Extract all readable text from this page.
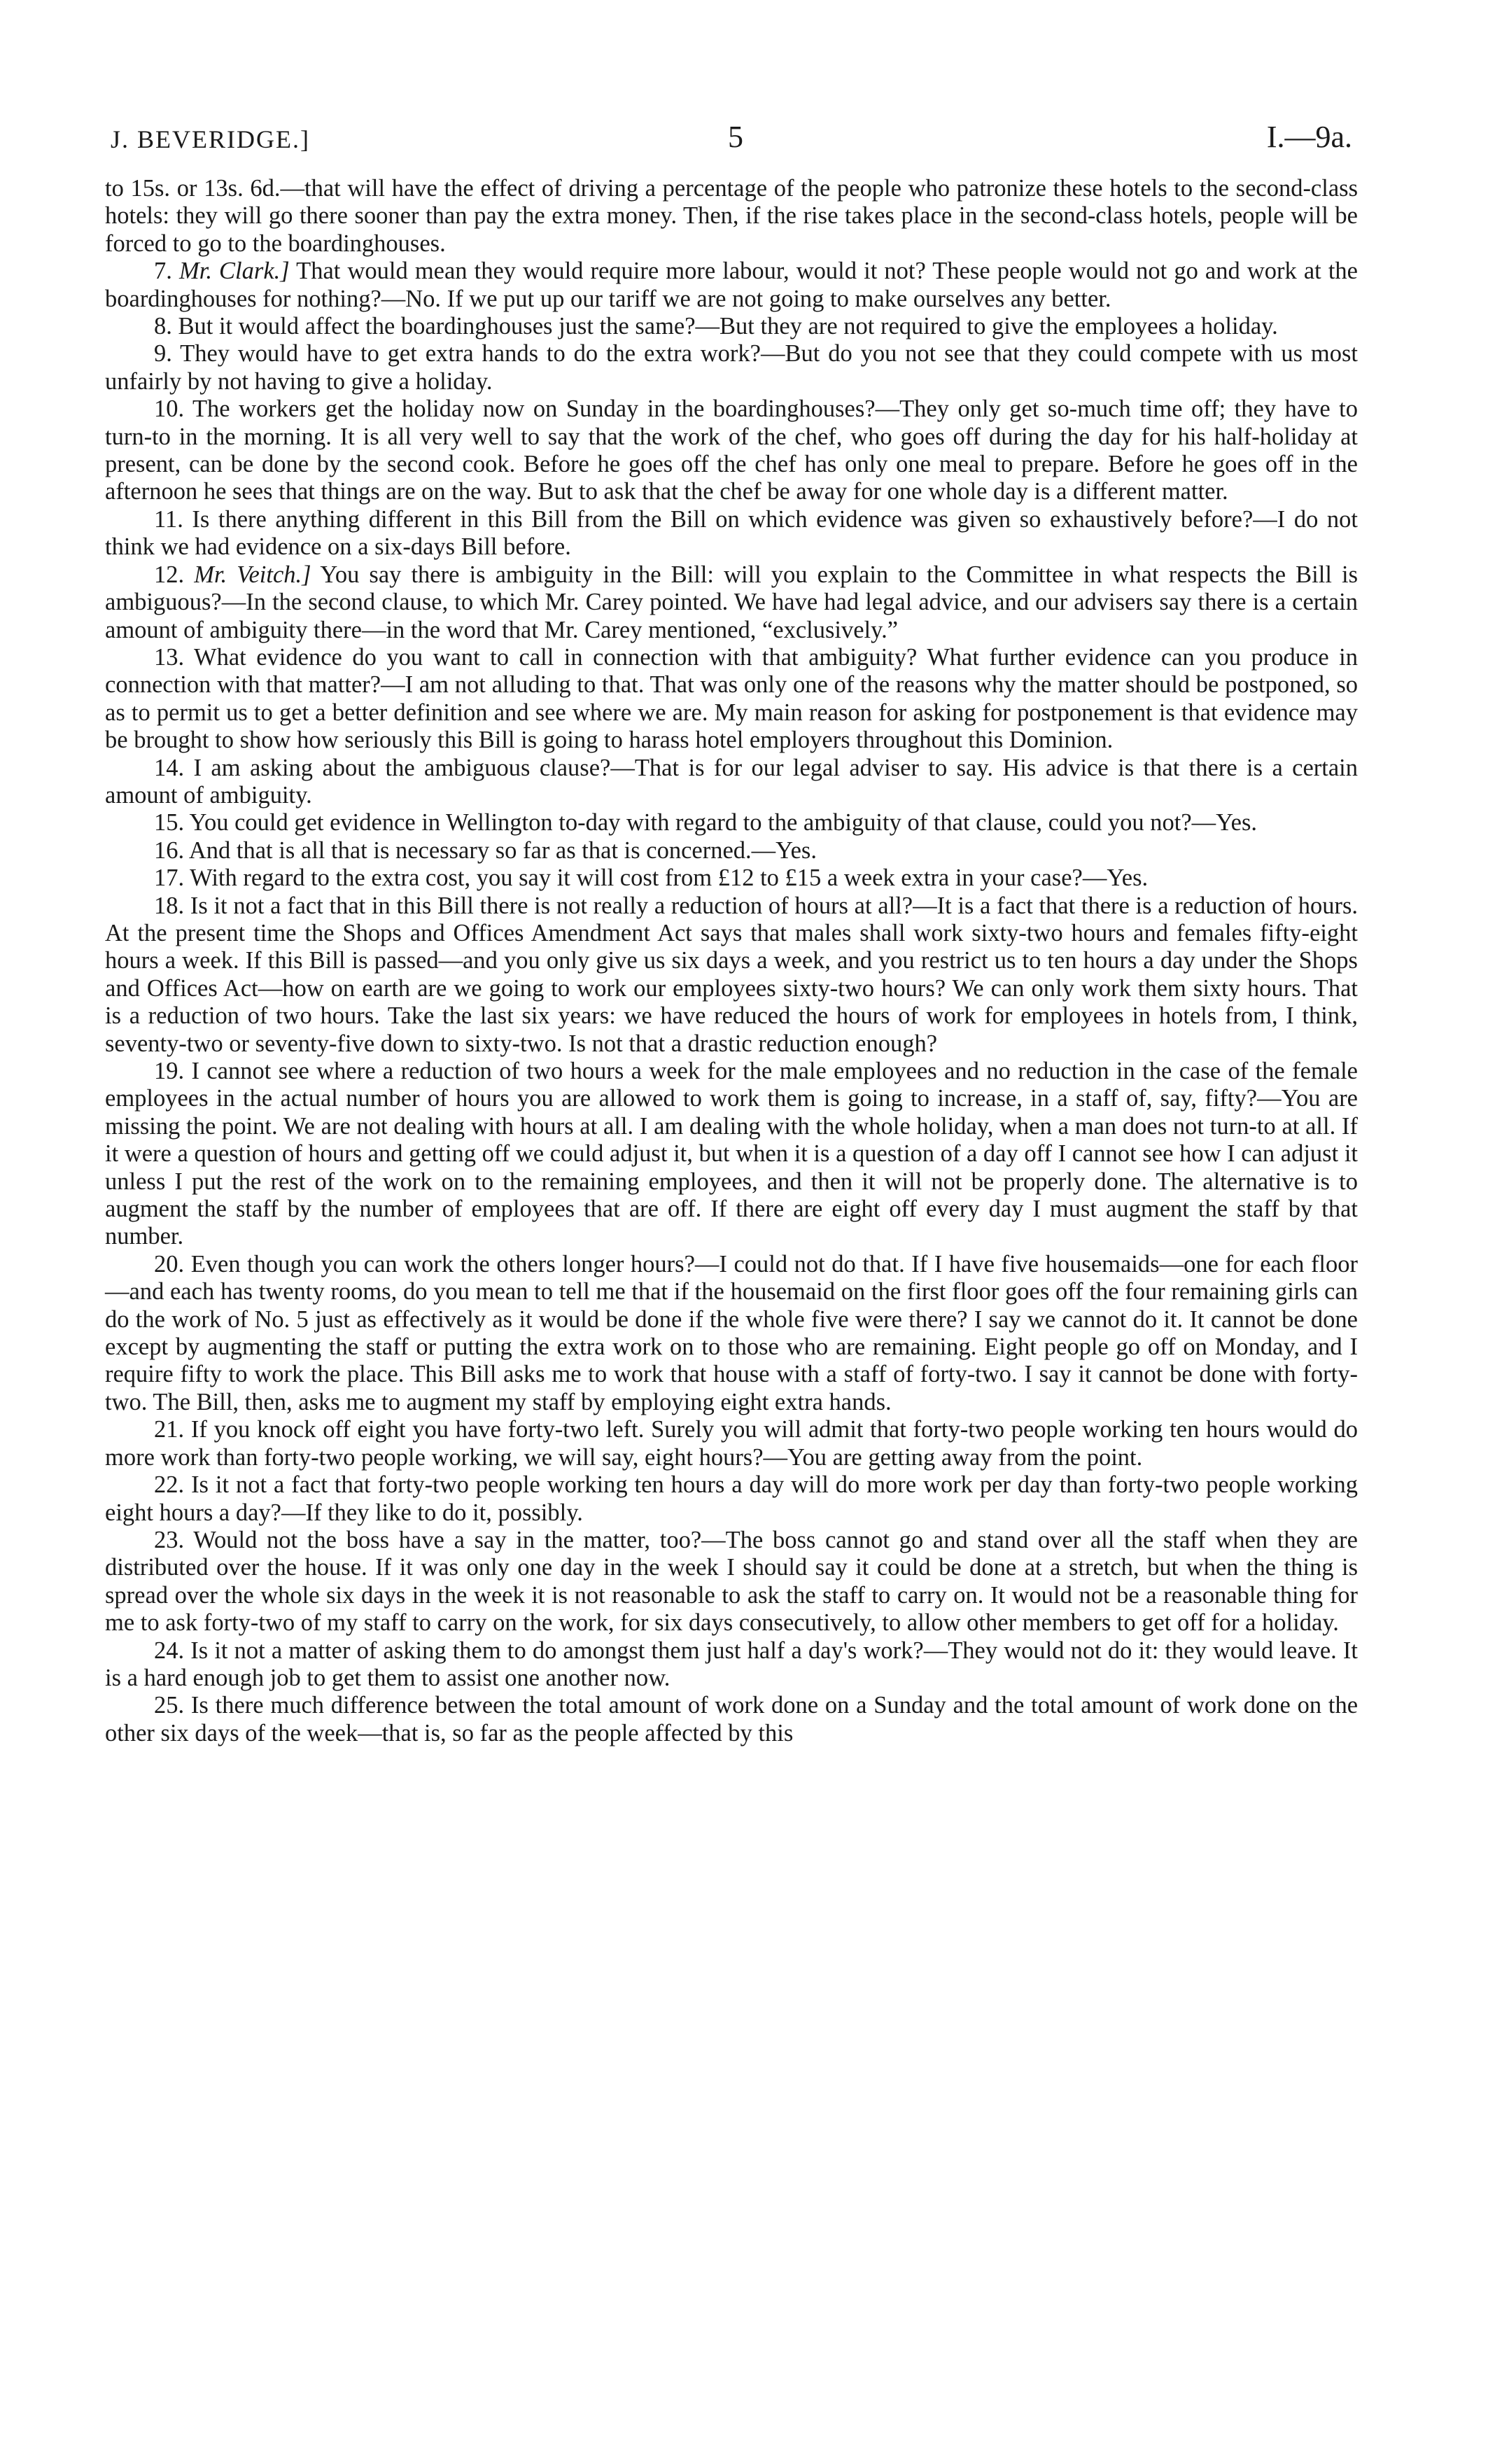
J. BEVERIDGE.]	5	I.—9a.

to 15s. or 13s. 6d.—that will have the effect of driving a percentage of the people who patronize these hotels to the second-class hotels: they will go there sooner than pay the extra money. Then, if the rise takes place in the second-class hotels, people will be forced to go to the boardinghouses.

7. Mr. Clark.] That would mean they would require more labour, would it not? These people would not go and work at the boardinghouses for nothing?—No. If we put up our tariff we are not going to make ourselves any better.

8. But it would affect the boardinghouses just the same?—But they are not required to give the employees a holiday.

9. They would have to get extra hands to do the extra work?—But do you not see that they could compete with us most unfairly by not having to give a holiday.

10. The workers get the holiday now on Sunday in the boardinghouses?—They only get so-much time off; they have to turn-to in the morning. It is all very well to say that the work of the chef, who goes off during the day for his half-holiday at present, can be done by the second cook. Before he goes off the chef has only one meal to prepare. Before he goes off in the afternoon he sees that things are on the way. But to ask that the chef be away for one whole day is a different matter.

11. Is there anything different in this Bill from the Bill on which evidence was given so exhaustively before?—I do not think we had evidence on a six-days Bill before.

12. Mr. Veitch.] You say there is ambiguity in the Bill: will you explain to the Committee in what respects the Bill is ambiguous?—In the second clause, to which Mr. Carey pointed. We have had legal advice, and our advisers say there is a certain amount of ambiguity there—in the word that Mr. Carey mentioned, “exclusively.”

13. What evidence do you want to call in connection with that ambiguity? What further evidence can you produce in connection with that matter?—I am not alluding to that. That was only one of the reasons why the matter should be postponed, so as to permit us to get a better definition and see where we are. My main reason for asking for postponement is that evidence may be brought to show how seriously this Bill is going to harass hotel employers throughout this Dominion.

14. I am asking about the ambiguous clause?—That is for our legal adviser to say. His advice is that there is a certain amount of ambiguity.

15. You could get evidence in Wellington to-day with regard to the ambiguity of that clause, could you not?—Yes.

16. And that is all that is necessary so far as that is concerned.—Yes.

17. With regard to the extra cost, you say it will cost from £12 to £15 a week extra in your case?—Yes.

18. Is it not a fact that in this Bill there is not really a reduction of hours at all?—It is a fact that there is a reduction of hours. At the present time the Shops and Offices Amendment Act says that males shall work sixty-two hours and females fifty-eight hours a week. If this Bill is passed—and you only give us six days a week, and you restrict us to ten hours a day under the Shops and Offices Act—how on earth are we going to work our employees sixty-two hours? We can only work them sixty hours. That is a reduction of two hours. Take the last six years: we have reduced the hours of work for employees in hotels from, I think, seventy-two or seventy-five down to sixty-two. Is not that a drastic reduction enough?

19. I cannot see where a reduction of two hours a week for the male employees and no reduction in the case of the female employees in the actual number of hours you are allowed to work them is going to increase, in a staff of, say, fifty?—You are missing the point. We are not dealing with hours at all. I am dealing with the whole holiday, when a man does not turn-to at all. If it were a question of hours and getting off we could adjust it, but when it is a question of a day off I cannot see how I can adjust it unless I put the rest of the work on to the remaining employees, and then it will not be properly done. The alternative is to augment the staff by the number of employees that are off. If there are eight off every day I must augment the staff by that number.

20. Even though you can work the others longer hours?—I could not do that. If I have five housemaids—one for each floor—and each has twenty rooms, do you mean to tell me that if the housemaid on the first floor goes off the four remaining girls can do the work of No. 5 just as effectively as it would be done if the whole five were there? I say we cannot do it. It cannot be done except by augmenting the staff or putting the extra work on to those who are remaining. Eight people go off on Monday, and I require fifty to work the place. This Bill asks me to work that house with a staff of forty-two. I say it cannot be done with forty-two. The Bill, then, asks me to augment my staff by employing eight extra hands.

21. If you knock off eight you have forty-two left. Surely you will admit that forty-two people working ten hours would do more work than forty-two people working, we will say, eight hours?—You are getting away from the point.

22. Is it not a fact that forty-two people working ten hours a day will do more work per day than forty-two people working eight hours a day?—If they like to do it, possibly.

23. Would not the boss have a say in the matter, too?—The boss cannot go and stand over all the staff when they are distributed over the house. If it was only one day in the week I should say it could be done at a stretch, but when the thing is spread over the whole six days in the week it is not reasonable to ask the staff to carry on. It would not be a reasonable thing for me to ask forty-two of my staff to carry on the work, for six days consecutively, to allow other members to get off for a holiday.

24. Is it not a matter of asking them to do amongst them just half a day's work?—They would not do it: they would leave. It is a hard enough job to get them to assist one another now.

25. Is there much difference between the total amount of work done on a Sunday and the total amount of work done on the other six days of the week—that is, so far as the people affected by this
